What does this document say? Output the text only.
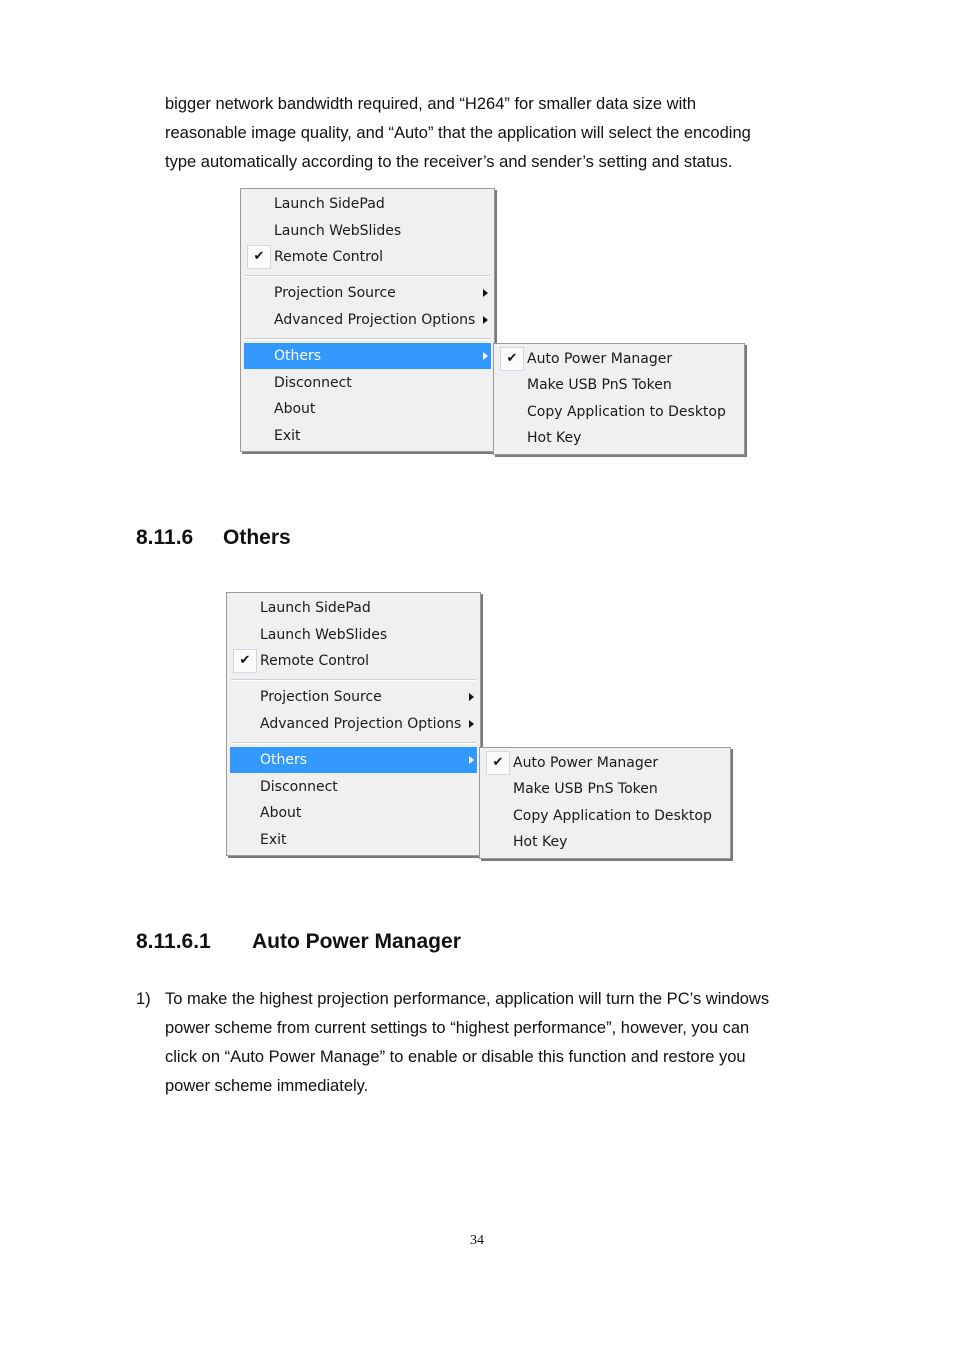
bigger network bandwidth required, and “H264” for smaller data size with
reasonable image quality, and “Auto” that the application will select the encoding
type automatically according to the receiver’s and sender’s setting and status.
Launch SidePad
Launch WebSlides
✔ Remote Control
Projection Source
Advanced Projection Options
Others
Disconnect
About
Exit
✔ Auto Power Manager
Make USB PnS Token
Copy Application to Desktop
Hot Key
8.11.6 Others
Launch SidePad
Launch WebSlides
✔ Remote Control
Projection Source
Advanced Projection Options
Others
Disconnect
About
Exit
✔ Auto Power Manager
Make USB PnS Token
Copy Application to Desktop
Hot Key
8.11.6.1 Auto Power Manager
1) To make the highest projection performance, application will turn the PC’s windows
power scheme from current settings to “highest performance”, however, you can
click on “Auto Power Manage” to enable or disable this function and restore you
power scheme immediately.
34
